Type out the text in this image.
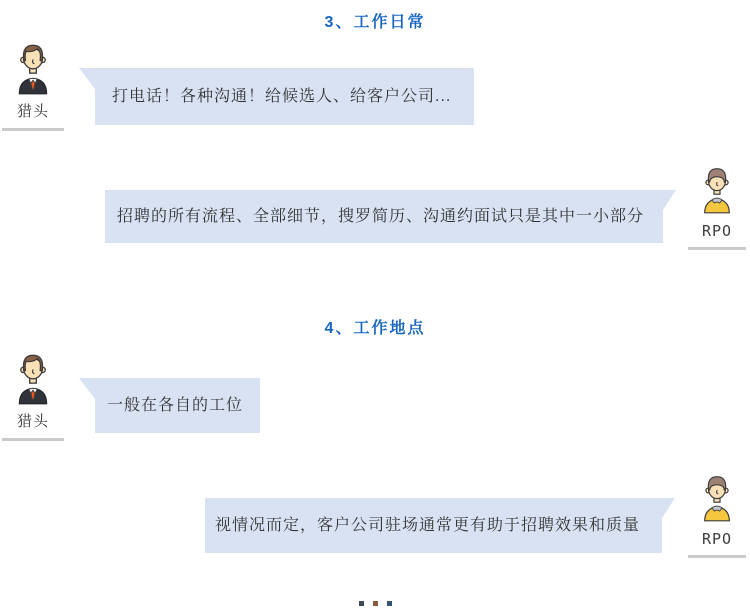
3、工作日常
猎头
打电话！各种沟通！给候选人、给客户公司...
RPO
招聘的所有流程、全部细节，搜罗简历、沟通约面试只是其中一小部分
4、工作地点
猎头
一般在各自的工位
RPO
视情况而定，客户公司驻场通常更有助于招聘效果和质量
